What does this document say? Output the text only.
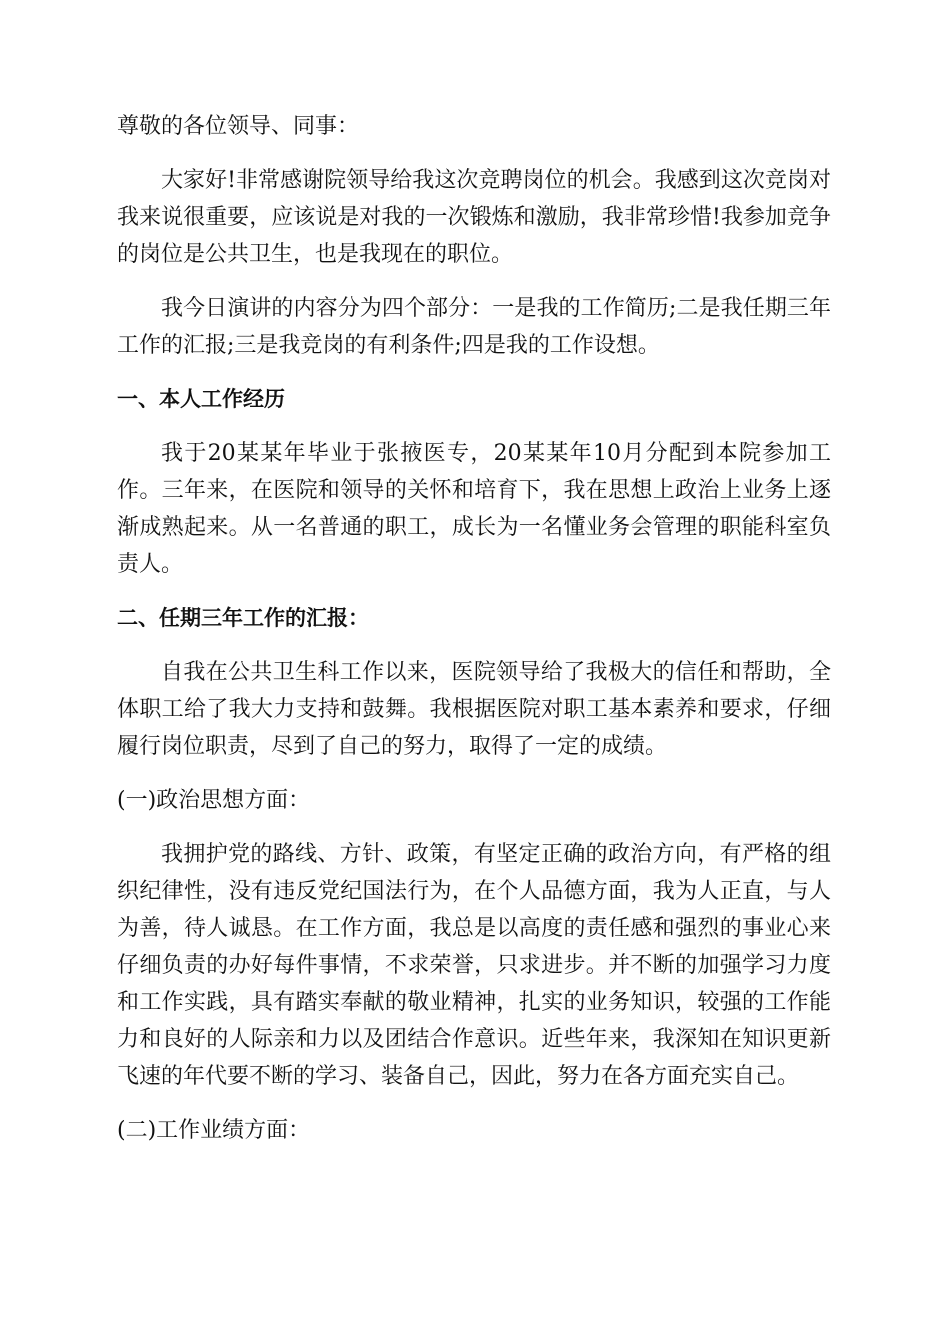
尊敬的各位领导、同事：

大家好!非常感谢院领导给我这次竞聘岗位的机会。我感到这次竞岗对我来说很重要，应该说是对我的一次锻炼和激励，我非常珍惜!我参加竞争的岗位是公共卫生，也是我现在的职位。

我今日演讲的内容分为四个部分：一是我的工作简历;二是我任期三年工作的汇报;三是我竞岗的有利条件;四是我的工作设想。

一、本人工作经历

我于20某某年毕业于张掖医专，20某某年10月分配到本院参加工作。三年来，在医院和领导的关怀和培育下，我在思想上政治上业务上逐渐成熟起来。从一名普通的职工，成长为一名懂业务会管理的职能科室负责人。

二、任期三年工作的汇报：

自我在公共卫生科工作以来，医院领导给了我极大的信任和帮助，全体职工给了我大力支持和鼓舞。我根据医院对职工基本素养和要求，仔细履行岗位职责，尽到了自己的努力，取得了一定的成绩。

(一)政治思想方面：

我拥护党的路线、方针、政策，有坚定正确的政治方向，有严格的组织纪律性，没有违反党纪国法行为，在个人品德方面，我为人正直，与人为善，待人诚恳。在工作方面，我总是以高度的责任感和强烈的事业心来仔细负责的办好每件事情，不求荣誉，只求进步。并不断的加强学习力度和工作实践，具有踏实奉献的敬业精神，扎实的业务知识，较强的工作能力和良好的人际亲和力以及团结合作意识。近些年来，我深知在知识更新飞速的年代要不断的学习、装备自己，因此，努力在各方面充实自己。

(二)工作业绩方面：
